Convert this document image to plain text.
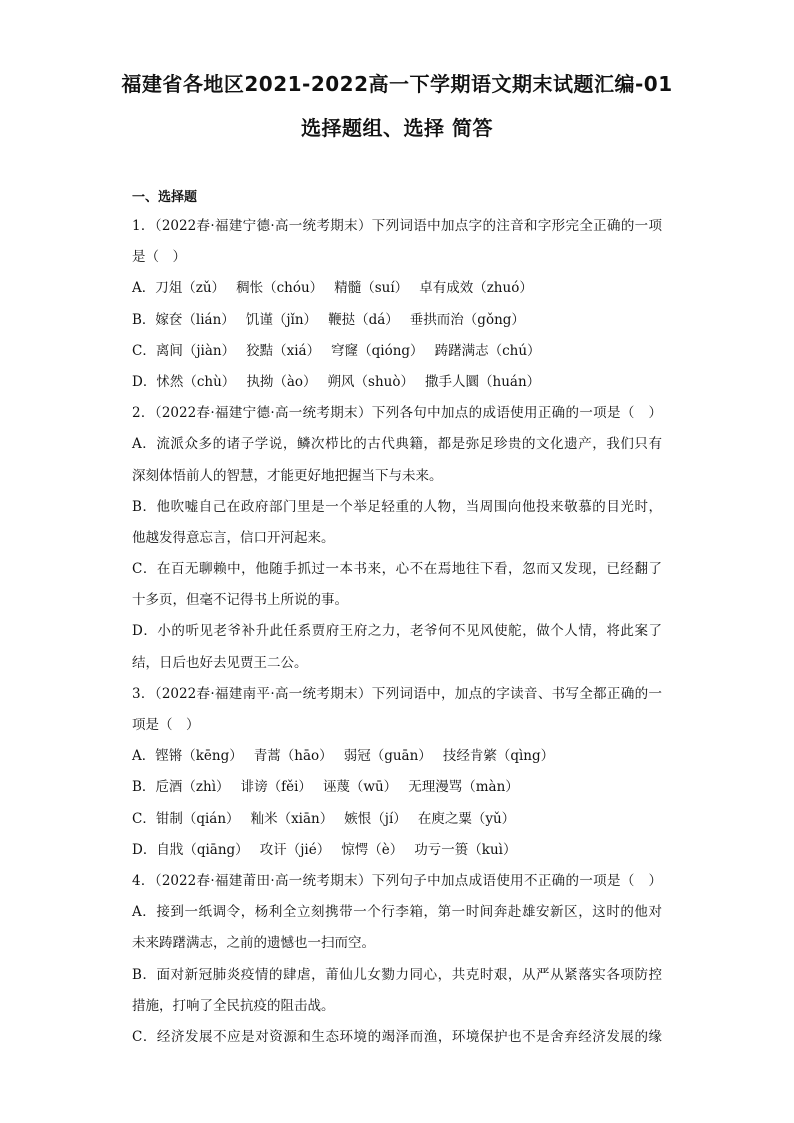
福建省各地区2021-2022高一下学期语文期末试题汇编-01
选择题组、选择 简答
一、选择题
1．（2022春·福建宁德·高一统考期末）下列词语中加点字的注音和字形完全正确的一项
是（　）
A．刀俎（zǔ）　 稠怅（chóu）　 精髓（suí）　 卓有成效（zhuó）
B．嫁奁（lián）　 饥谨（jǐn）　 鞭挞（dá）　 垂拱而治（gǒng）
C．离间（jiàn）　 狡黠（xiá）　 穹窿（qióng）　 踌躇满志（chú）
D．怵然（chù）　 执拗（ào）　 朔风（shuò）　 撒手人圜（huán）
2．（2022春·福建宁德·高一统考期末）下列各句中加点的成语使用正确的一项是（　）
A．流派众多的诸子学说，鳞次栉比的古代典籍，都是弥足珍贵的文化遗产，我们只有
深刻体悟前人的智慧，才能更好地把握当下与未来。
B．他吹嘘自己在政府部门里是一个举足轻重的人物，当周围向他投来敬慕的目光时，
他越发得意忘言，信口开河起来。
C．在百无聊赖中，他随手抓过一本书来，心不在焉地往下看，忽而又发现，已经翻了
十多页，但毫不记得书上所说的事。
D．小的听见老爷补升此任系贾府王府之力，老爷何不见风使舵，做个人情，将此案了
结，日后也好去见贾王二公。
3．（2022春·福建南平·高一统考期末）下列词语中，加点的字读音、书写全都正确的一
项是（　）
A．铿锵（kēng）　 青蒿（hāo）　 弱冠（guān）　 技经肯綮（qìng）
B．卮酒（zhì）　 诽谤（fěi）　 诬蔑（wū）　 无理漫骂（màn）
C．钳制（qián）　 籼米（xiān）　 嫉恨（jí）　 在庾之粟（yǔ）
D．自戕（qiāng）　 攻讦（jié）　 惊愕（è）　 功亏一篑（kuì）
4．（2022春·福建莆田·高一统考期末）下列句子中加点成语使用不正确的一项是（　）
A．接到一纸调令，杨利全立刻携带一个行李箱，第一时间奔赴雄安新区，这时的他对
未来踌躇满志，之前的遗憾也一扫而空。
B．面对新冠肺炎疫情的肆虐，莆仙儿女勠力同心，共克时艰，从严从紧落实各项防控
措施，打响了全民抗疫的阻击战。
C．经济发展不应是对资源和生态环境的竭泽而渔，环境保护也不是舍弃经济发展的缘
